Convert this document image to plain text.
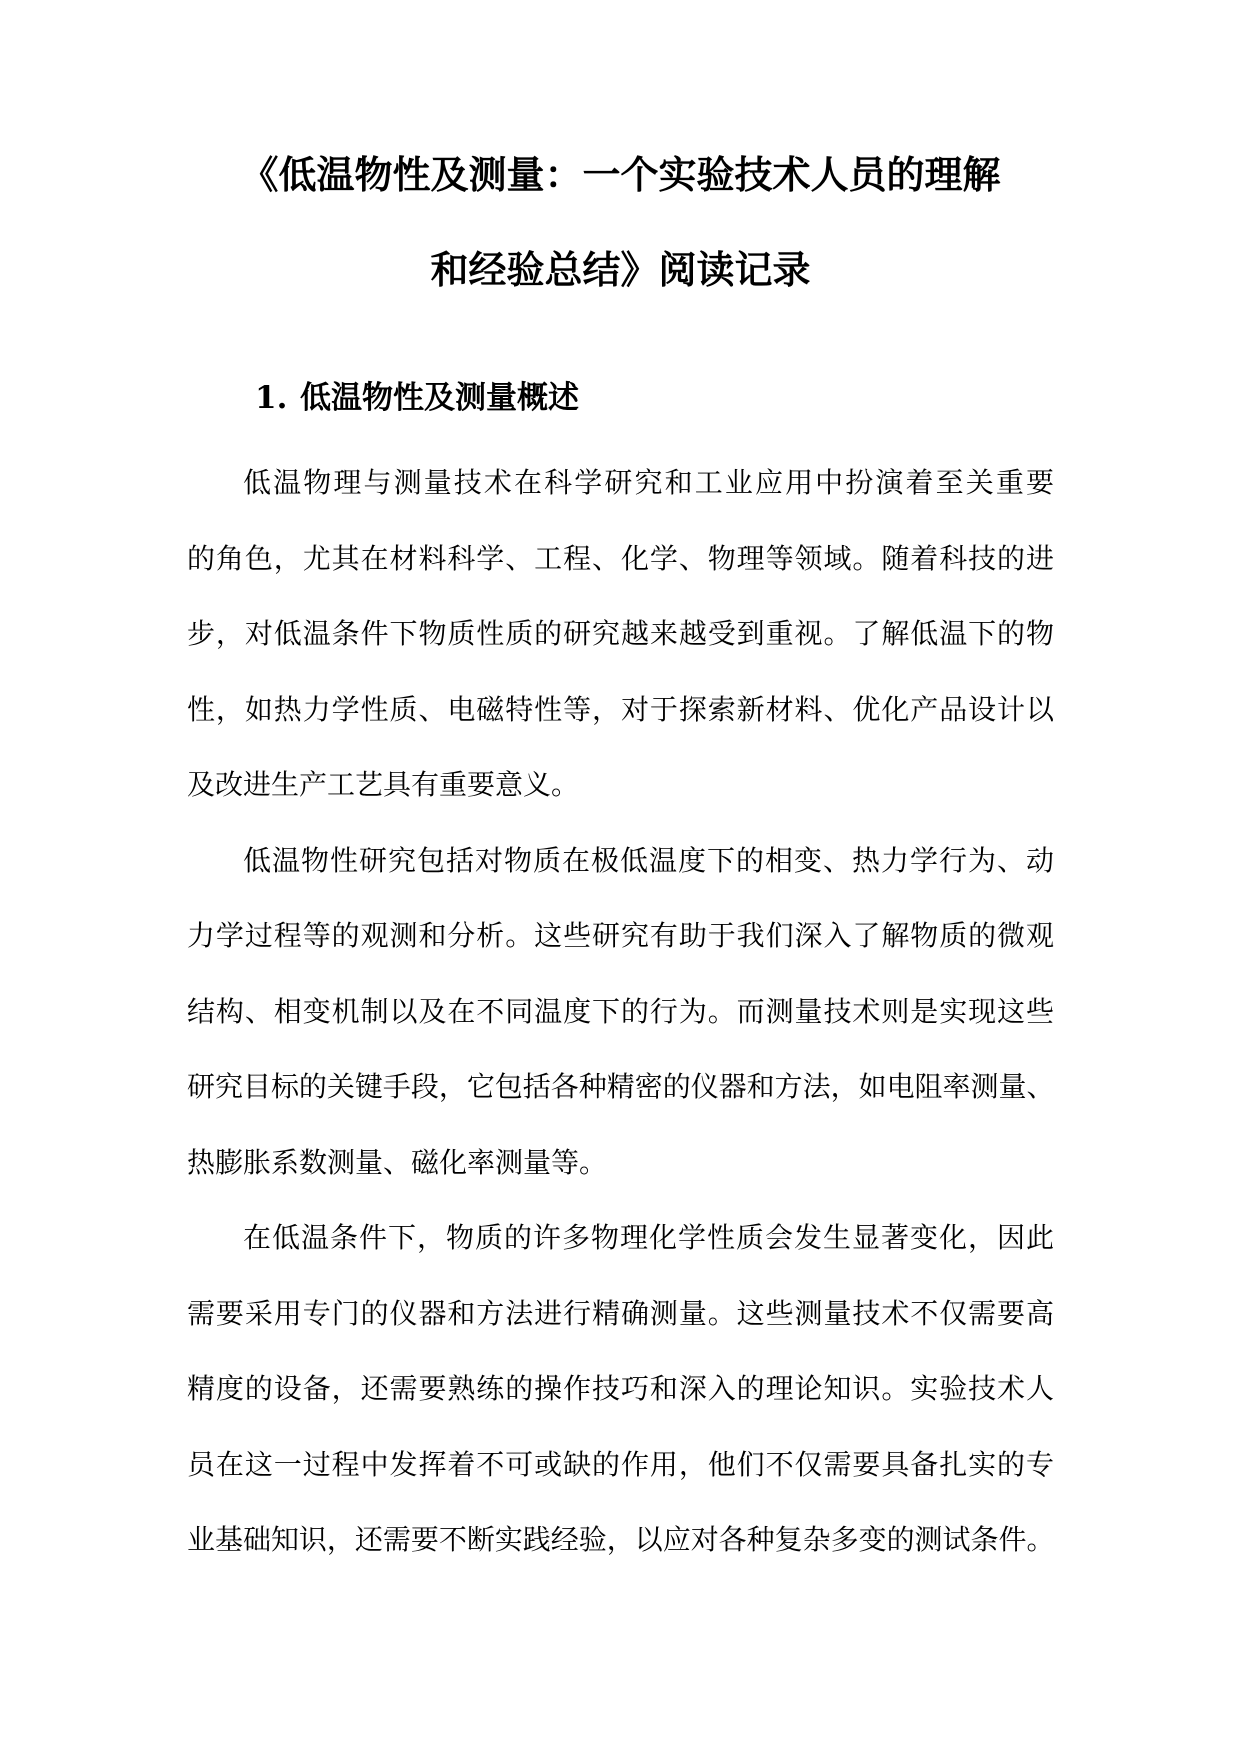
《低温物性及测量：一个实验技术人员的理解
和经验总结》阅读记录
1. 低温物性及测量概述
低温物理与测量技术在科学研究和工业应用中扮演着至关重要
的角色，尤其在材料科学、工程、化学、物理等领域。随着科技的进
步，对低温条件下物质性质的研究越来越受到重视。了解低温下的物
性，如热力学性质、电磁特性等，对于探索新材料、优化产品设计以
及改进生产工艺具有重要意义。
低温物性研究包括对物质在极低温度下的相变、热力学行为、动
力学过程等的观测和分析。这些研究有助于我们深入了解物质的微观
结构、相变机制以及在不同温度下的行为。而测量技术则是实现这些
研究目标的关键手段，它包括各种精密的仪器和方法，如电阻率测量、
热膨胀系数测量、磁化率测量等。
在低温条件下，物质的许多物理化学性质会发生显著变化，因此
需要采用专门的仪器和方法进行精确测量。这些测量技术不仅需要高
精度的设备，还需要熟练的操作技巧和深入的理论知识。实验技术人
员在这一过程中发挥着不可或缺的作用，他们不仅需要具备扎实的专
业基础知识，还需要不断实践经验，以应对各种复杂多变的测试条件。
